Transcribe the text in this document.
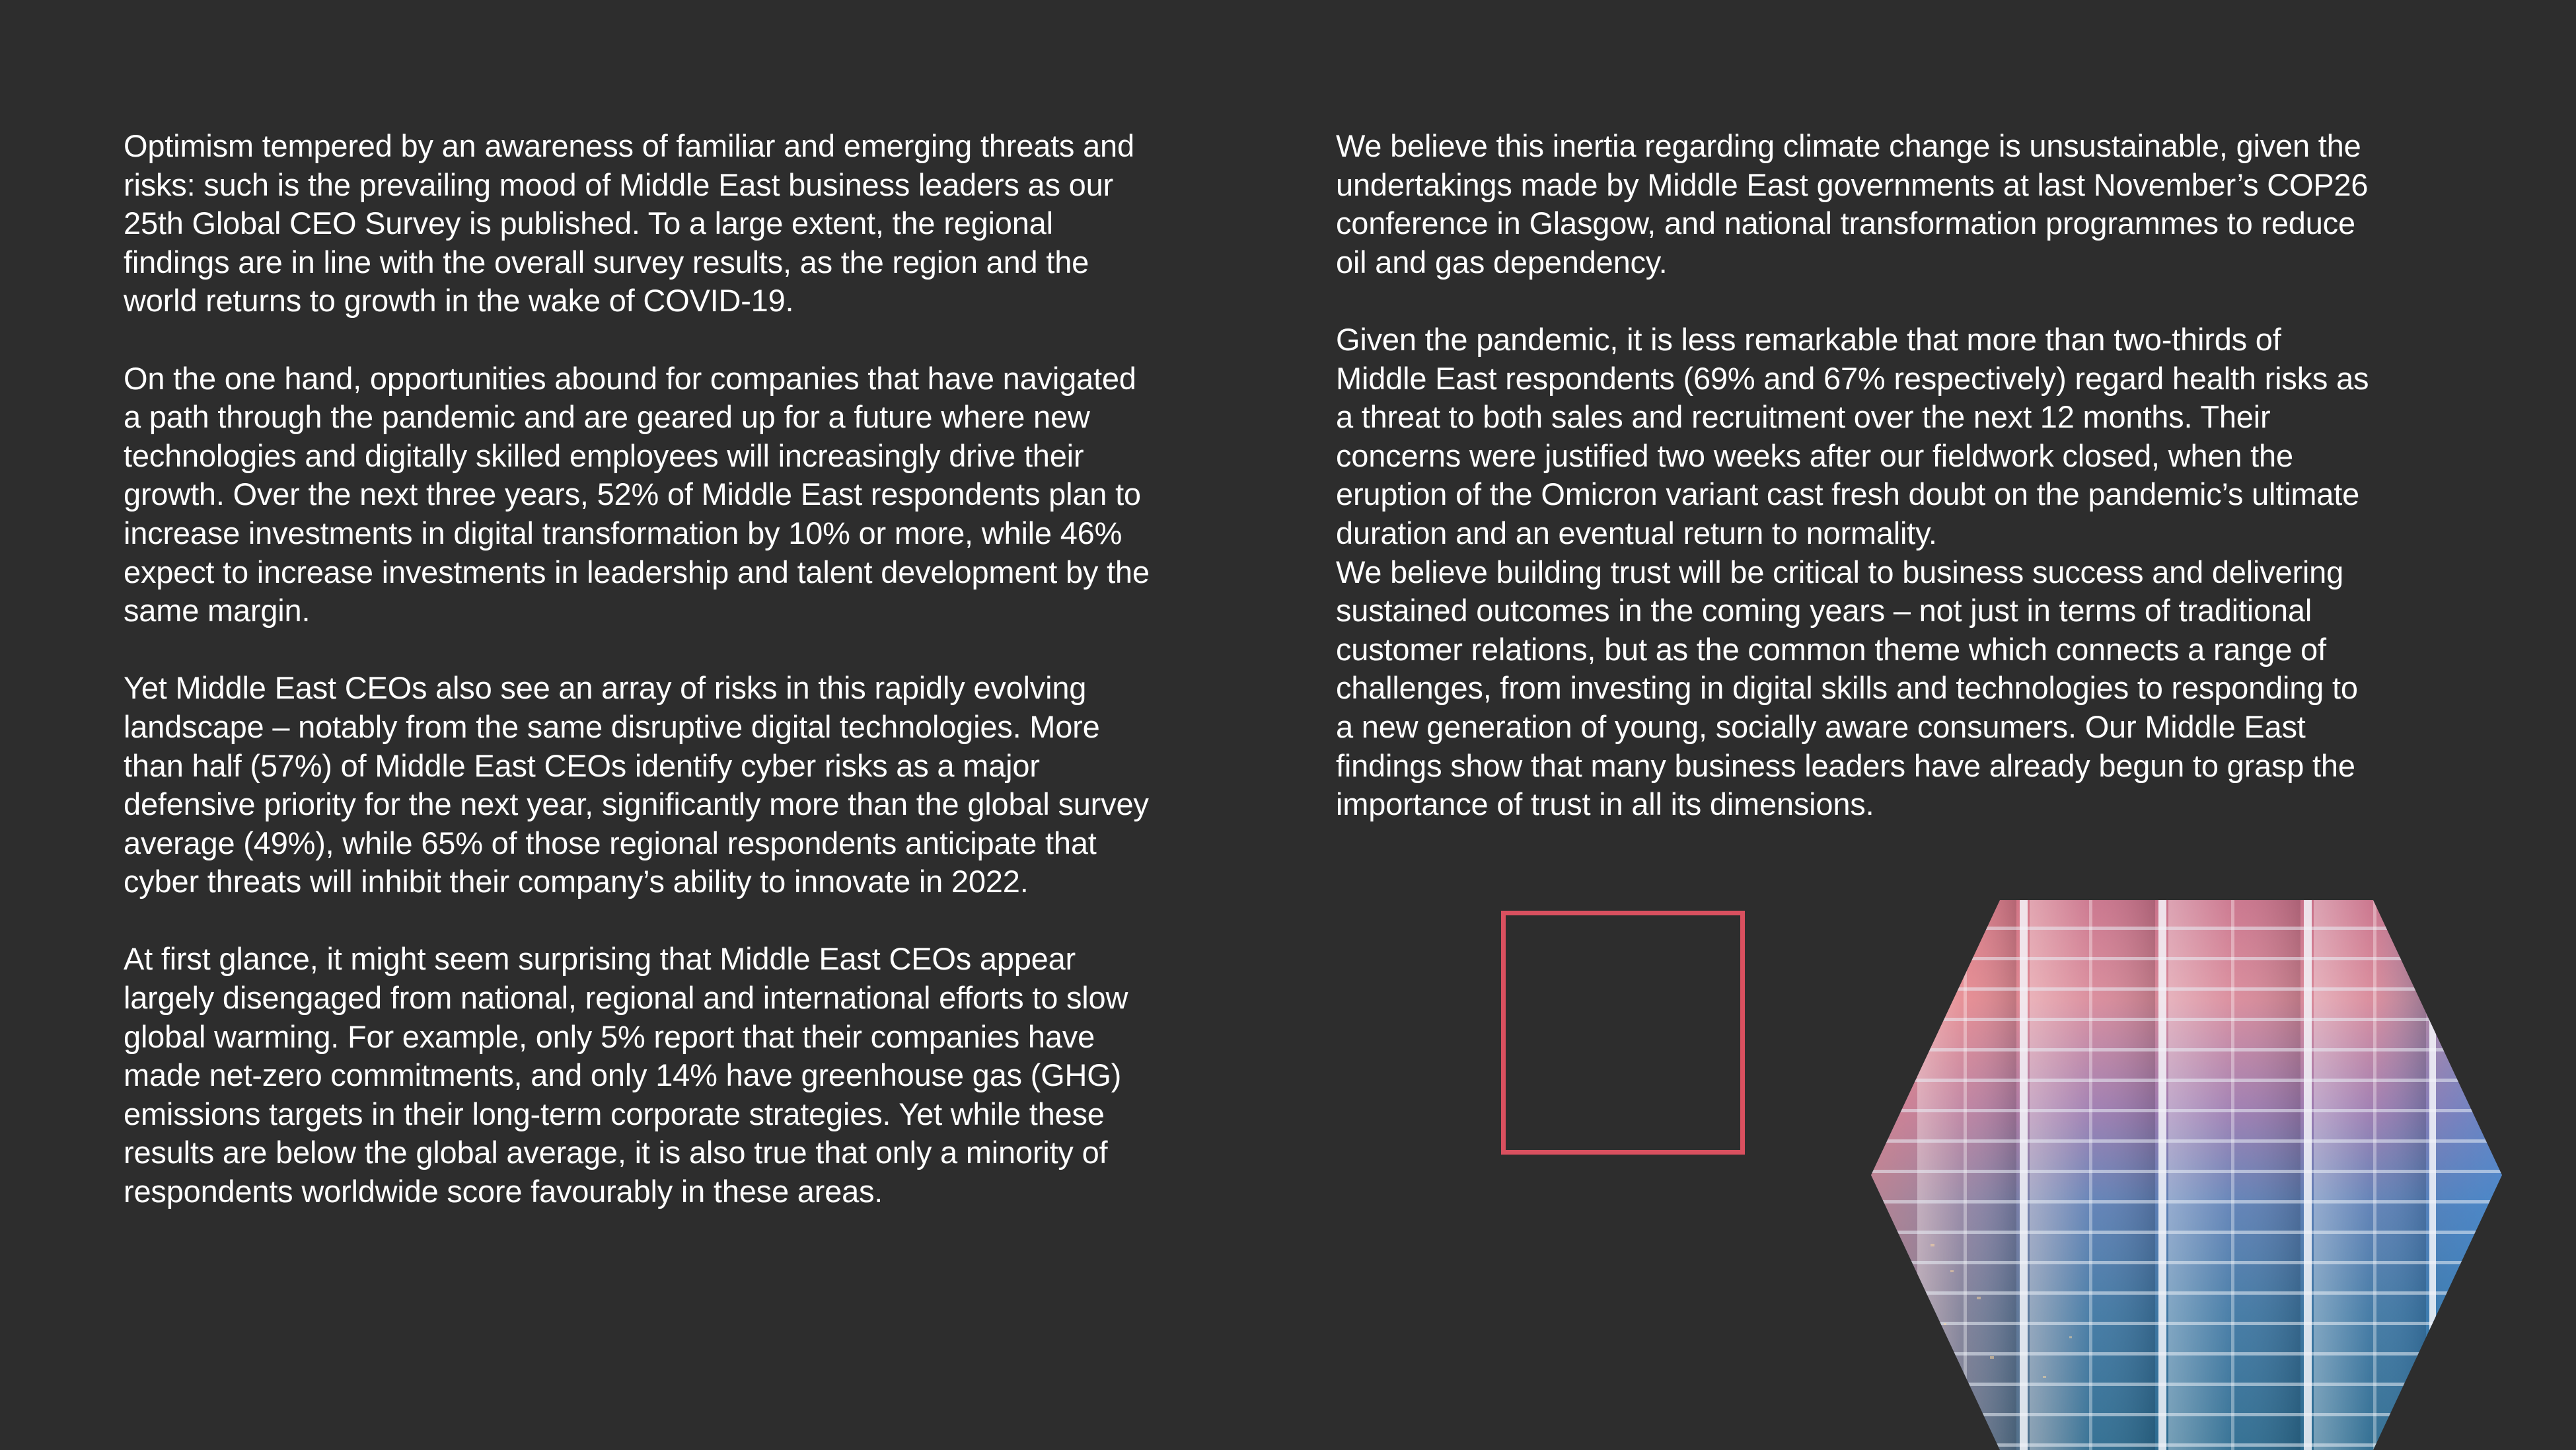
Optimism tempered by an awareness of familiar and emerging threats and
risks: such is the prevailing mood of Middle East business leaders as our
25th Global CEO Survey is published. To a large extent, the regional
findings are in line with the overall survey results, as the region and the
world returns to growth in the wake of COVID-19.

On the one hand, opportunities abound for companies that have navigated
a path through the pandemic and are geared up for a future where new
technologies and digitally skilled employees will increasingly drive their
growth. Over the next three years, 52% of Middle East respondents plan to
increase investments in digital transformation by 10% or more, while 46%
expect to increase investments in leadership and talent development by the
same margin.

Yet Middle East CEOs also see an array of risks in this rapidly evolving
landscape – notably from the same disruptive digital technologies. More
than half (57%) of Middle East CEOs identify cyber risks as a major
defensive priority for the next year, significantly more than the global survey
average (49%), while 65% of those regional respondents anticipate that
cyber threats will inhibit their company’s ability to innovate in 2022.

At first glance, it might seem surprising that Middle East CEOs appear
largely disengaged from national, regional and international efforts to slow
global warming. For example, only 5% report that their companies have
made net-zero commitments, and only 14% have greenhouse gas (GHG)
emissions targets in their long-term corporate strategies. Yet while these
results are below the global average, it is also true that only a minority of
respondents worldwide score favourably in these areas.

We believe this inertia regarding climate change is unsustainable, given the
undertakings made by Middle East governments at last November’s COP26
conference in Glasgow, and national transformation programmes to reduce
oil and gas dependency.

Given the pandemic, it is less remarkable that more than two-thirds of
Middle East respondents (69% and 67% respectively) regard health risks as
a threat to both sales and recruitment over the next 12 months. Their
concerns were justified two weeks after our fieldwork closed, when the
eruption of the Omicron variant cast fresh doubt on the pandemic’s ultimate
duration and an eventual return to normality.

We believe building trust will be critical to business success and delivering
sustained outcomes in the coming years – not just in terms of traditional
customer relations, but as the common theme which connects a range of
challenges, from investing in digital skills and technologies to responding to
a new generation of young, socially aware consumers. Our Middle East
findings show that many business leaders have already begun to grasp the
importance of trust in all its dimensions.
